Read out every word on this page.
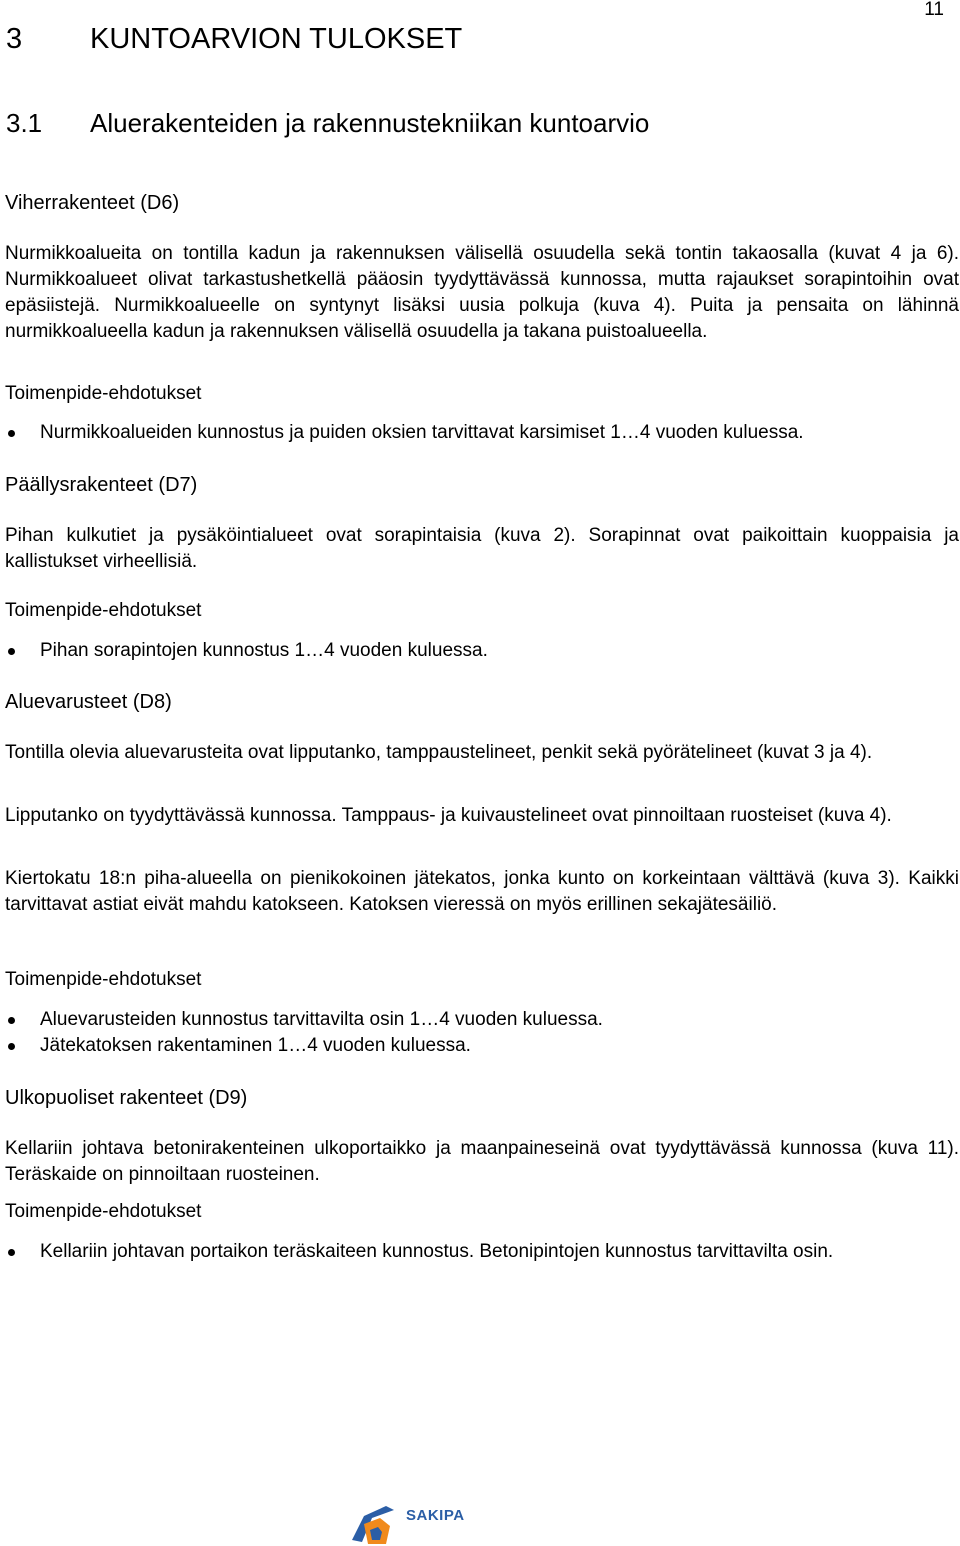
11
3 KUNTOARVION TULOKSET
3.1 Aluerakenteiden ja rakennustekniikan kuntoarvio
Viherrakenteet (D6)

Nurmikkoalueita on tontilla kadun ja rakennuksen välisellä osuudella sekä tontin takaosalla (kuvat 4 ja 6). Nurmikkoalueet olivat tarkastushetkellä pääosin tyydyttävässä kunnossa, mutta rajaukset sorapintoihin ovat epäsiistejä. Nurmikkoalueelle on syntynyt lisäksi uusia polkuja (kuva 4). Puita ja pensaita on lähinnä nurmikkoalueella kadun ja rakennuksen välisellä osuudella ja takana puistoalueella.

Toimenpide-ehdotukset
Nurmikkoalueiden kunnostus ja puiden oksien tarvittavat karsimiset 1…4 vuoden kuluessa.
Päällysrakenteet (D7)

Pihan kulkutiet ja pysäköintialueet ovat sorapintaisia (kuva 2). Sorapinnat ovat paikoittain kuoppaisia ja kallistukset virheellisiä.

Toimenpide-ehdotukset
Pihan sorapintojen kunnostus 1…4 vuoden kuluessa.
Aluevarusteet (D8)

Tontilla olevia aluevarusteita ovat lipputanko, tamppaustelineet, penkit sekä pyörätelineet (kuvat 3 ja 4).

Lipputanko on tyydyttävässä kunnossa. Tamppaus- ja kuivaustelineet ovat pinnoiltaan ruosteiset (kuva 4).

Kiertokatu 18:n piha-alueella on pienikokoinen jätekatos, jonka kunto on korkeintaan välttävä (kuva 3). Kaikki tarvittavat astiat eivät mahdu katokseen. Katoksen vieressä on myös erillinen sekajätesäiliö.

Toimenpide-ehdotukset
Aluevarusteiden kunnostus tarvittavilta osin 1…4 vuoden kuluessa.
Jätekatoksen rakentaminen 1…4 vuoden kuluessa.
Ulkopuoliset rakenteet (D9)

Kellariin johtava betonirakenteinen ulkoportaikko ja maanpaineseinä ovat tyydyttävässä kunnossa (kuva 11). Teräskaide on pinnoiltaan ruosteinen.

Toimenpide-ehdotukset
Kellariin johtavan portaikon teräskaiteen kunnostus. Betonipintojen kunnostus tarvittavilta osin.
SAKIPA
